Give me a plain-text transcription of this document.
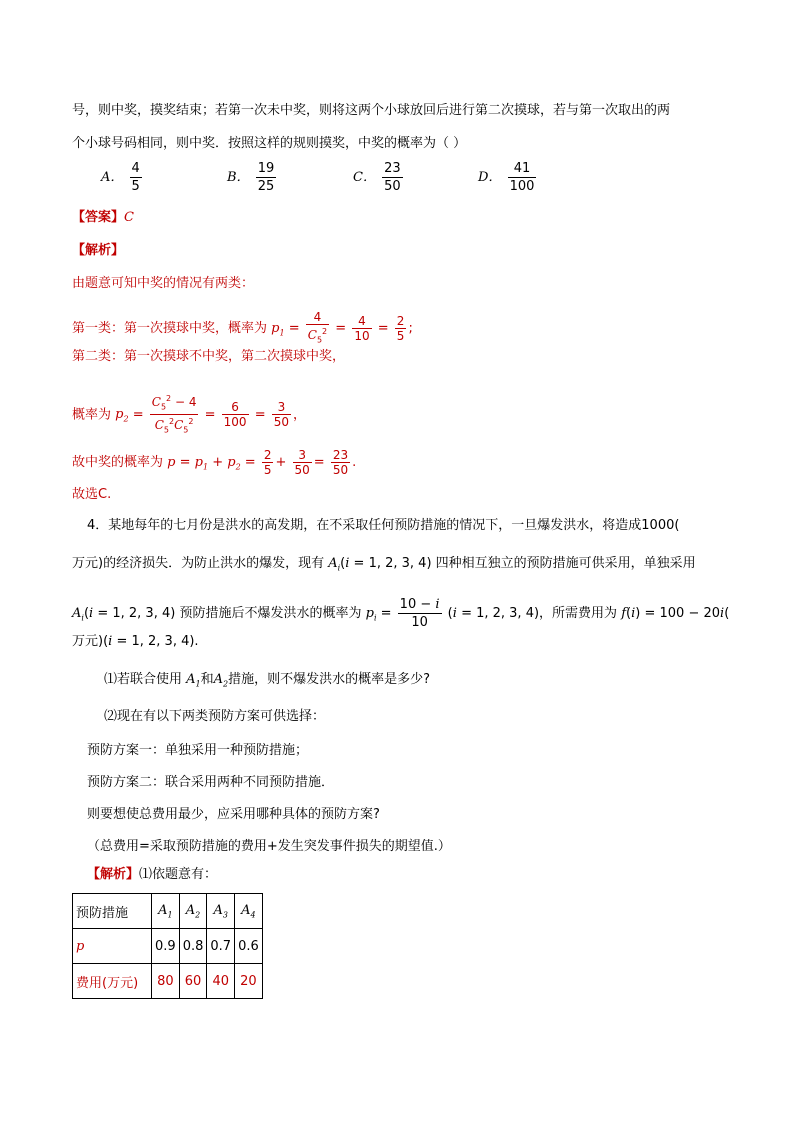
号，则中奖，摸奖结束；若第一次未中奖，则将这两个小球放回后进行第二次摸球，若与第一次取出的两
个小球号码相同，则中奖．按照这样的规则摸奖，中奖的概率为（ ）
A． $\frac{4}{5}$	B． $\frac{19}{25}$	C． $\frac{23}{50}$	D． $\frac{41}{100}$
【答案】C
【解析】
由题意可知中奖的情况有两类：
第一类：第一次摸球中奖，概率为 $p_1 = \frac{4}{C_5^2} = \frac{4}{10} = \frac{2}{5}$ ;
第二类：第一次摸球不中奖，第二次摸球中奖，
概率为 $p_2 = \frac{C_5^2 - 4}{C_5^2C_5^2} = \frac{6}{100} = \frac{3}{50}$ ，
故中奖的概率为 $p = p_1 + p_2 = \frac{2}{5} + \frac{3}{50} = \frac{23}{50}$ .
故选C.
4．某地每年的七月份是洪水的高发期，在不采取任何预防措施的情况下，一旦爆发洪水，将造成1000(
万元)的经济损失．为防止洪水的爆发，现有 $A_i(i = 1$, 2, 3, 4) 四种相互独立的预防措施可供采用，单独采用
$A_i(i = 1$, 2, 3, 4) 预防措施后不爆发洪水的概率为 $p_i = \frac{10 - i}{10} (i = 1$, 2, 3, 4)，所需费用为 f(i) = 100 − 20i(
万元)(i = 1, 2, 3, 4).
⑴若联合使用 $A_1$和$A_2$措施，则不爆发洪水的概率是多少?
⑵现在有以下两类预防方案可供选择：
预防方案一：单独采用一种预防措施；
预防方案二：联合采用两种不同预防措施．
则要想使总费用最少，应采用哪种具体的预防方案?
（总费用=采取预防措施的费用+发生突发事件损失的期望值.）
【解析】⑴依题意有：
预防措施	$A_1$	$A_2$	$A_3$	$A_4$
p	0.9	0.8	0.7	0.6
费用(万元)	80	60	40	20
